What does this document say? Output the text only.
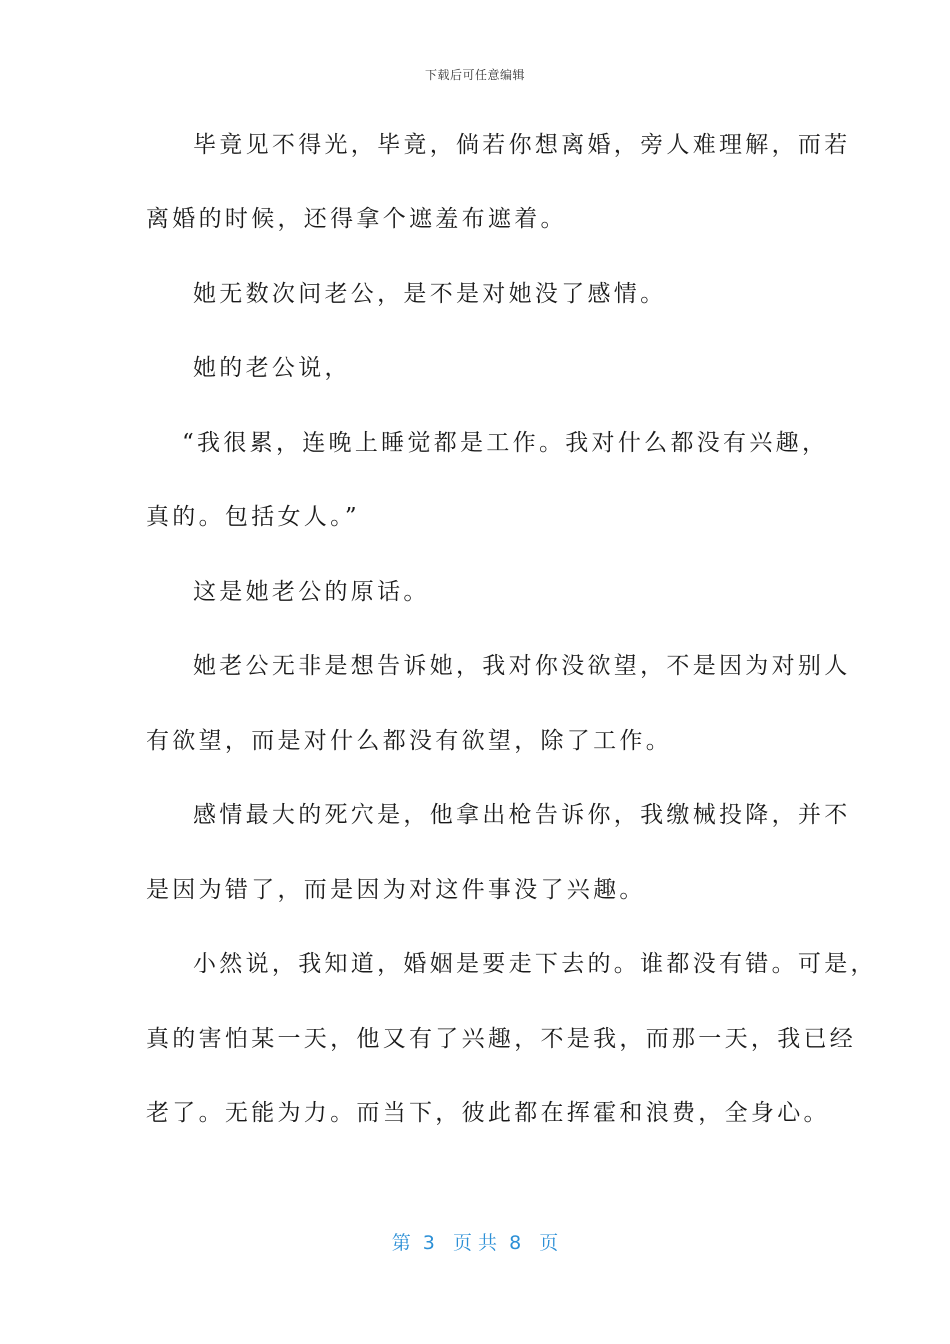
下载后可任意编辑
毕竟见不得光，毕竟，倘若你想离婚，旁人难理解，而若
离婚的时候，还得拿个遮羞布遮着。
她无数次问老公，是不是对她没了感情。
她的老公说，
“我很累，连晚上睡觉都是工作。我对什么都没有兴趣，
真的。包括女人。”
这是她老公的原话。
她老公无非是想告诉她，我对你没欲望，不是因为对别人
有欲望，而是对什么都没有欲望，除了工作。
感情最大的死穴是，他拿出枪告诉你，我缴械投降，并不
是因为错了，而是因为对这件事没了兴趣。
小然说，我知道，婚姻是要走下去的。谁都没有错。可是，
真的害怕某一天，他又有了兴趣，不是我，而那一天，我已经
老了。无能为力。而当下，彼此都在挥霍和浪费，全身心。
第  3   页 共  8   页
